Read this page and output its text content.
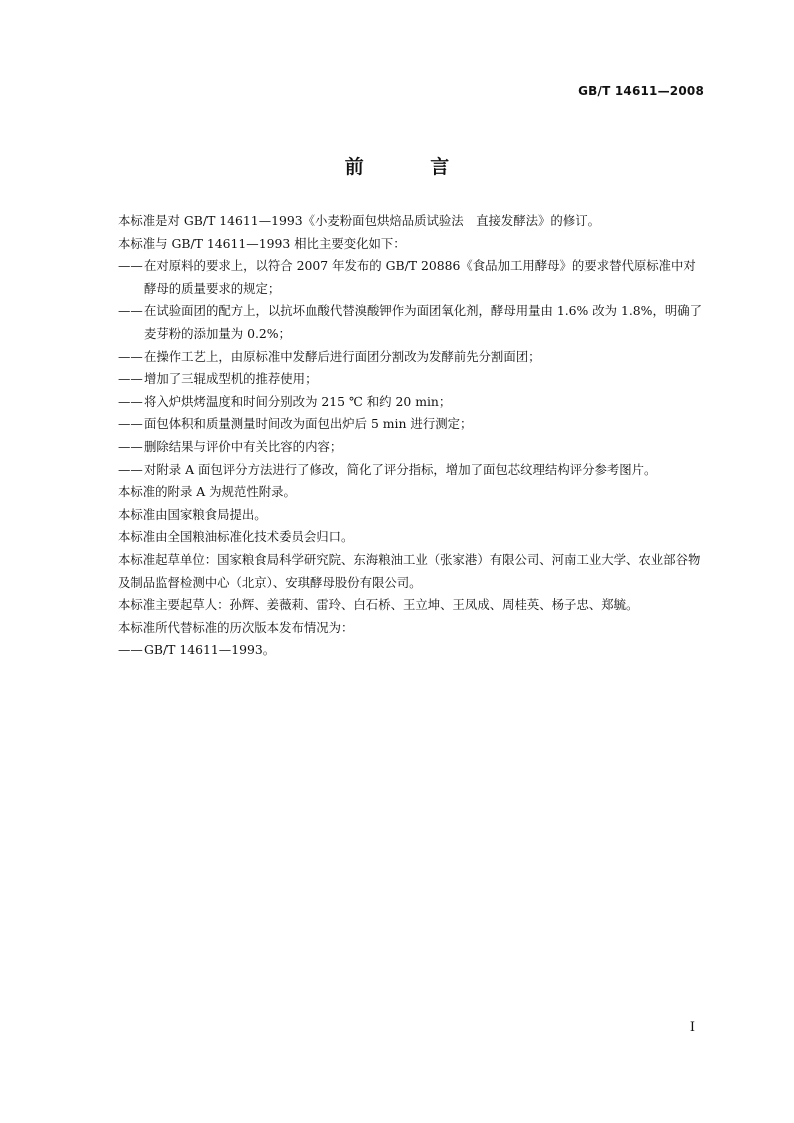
GB/T 14611—2008
前 言

本标准是对 GB/T 14611—1993《小麦粉面包烘焙品质试验法　直接发酵法》的修订。

本标准与 GB/T 14611—1993 相比主要变化如下：

——在对原料的要求上，以符合 2007 年发布的 GB/T 20886《食品加工用酵母》的要求替代原标准中对酵母的质量要求的规定；

——在试验面团的配方上，以抗坏血酸代替溴酸钾作为面团氧化剂，酵母用量由 1.6% 改为 1.8%，明确了麦芽粉的添加量为 0.2%；

——在操作工艺上，由原标准中发酵后进行面团分割改为发酵前先分割面团；

——增加了三辊成型机的推荐使用；

——将入炉烘烤温度和时间分别改为 215 ℃ 和约 20 min；

——面包体积和质量测量时间改为面包出炉后 5 min 进行测定；

——删除结果与评价中有关比容的内容；

——对附录 A 面包评分方法进行了修改，简化了评分指标，增加了面包芯纹理结构评分参考图片。

本标准的附录 A 为规范性附录。

本标准由国家粮食局提出。

本标准由全国粮油标准化技术委员会归口。

本标准起草单位：国家粮食局科学研究院、东海粮油工业（张家港）有限公司、河南工业大学、农业部谷物及制品监督检测中心（北京）、安琪酵母股份有限公司。

本标准主要起草人：孙辉、姜薇莉、雷玲、白石桥、王立坤、王凤成、周桂英、杨子忠、郑毓。

本标准所代替标准的历次版本发布情况为：

——GB/T 14611—1993。

I
